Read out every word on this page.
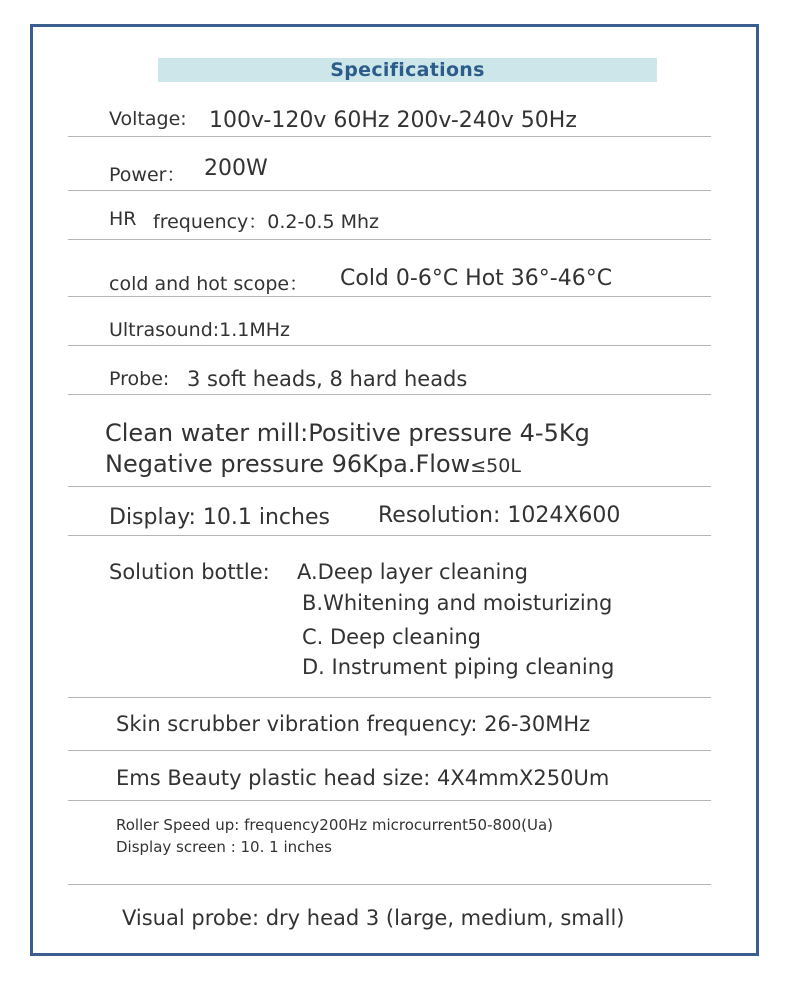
Specifications
Voltage: 100v-120v 60Hz 200v-240v 50Hz
Power： 200W
HR frequency：0.2-0.5 Mhz
cold and hot scope： Cold 0-6°C Hot 36°-46°C
Ultrasound:1.1MHz
Probe: 3 soft heads, 8 hard heads
Clean water mill:Positive pressure 4-5Kg
Negative pressure 96Kpa.Flow≤50L
Display: 10.1 inches Resolution: 1024X600
Solution bottle: A.Deep layer cleaning
B.Whitening and moisturizing
C. Deep cleaning
D. Instrument piping cleaning
Skin scrubber vibration frequency: 26-30MHz
Ems Beauty plastic head size: 4X4mmX250Um
Roller Speed up: frequency200Hz microcurrent50-800(Ua)
Display screen : 10. 1 inches
Visual probe: dry head 3 (large, medium, small)
